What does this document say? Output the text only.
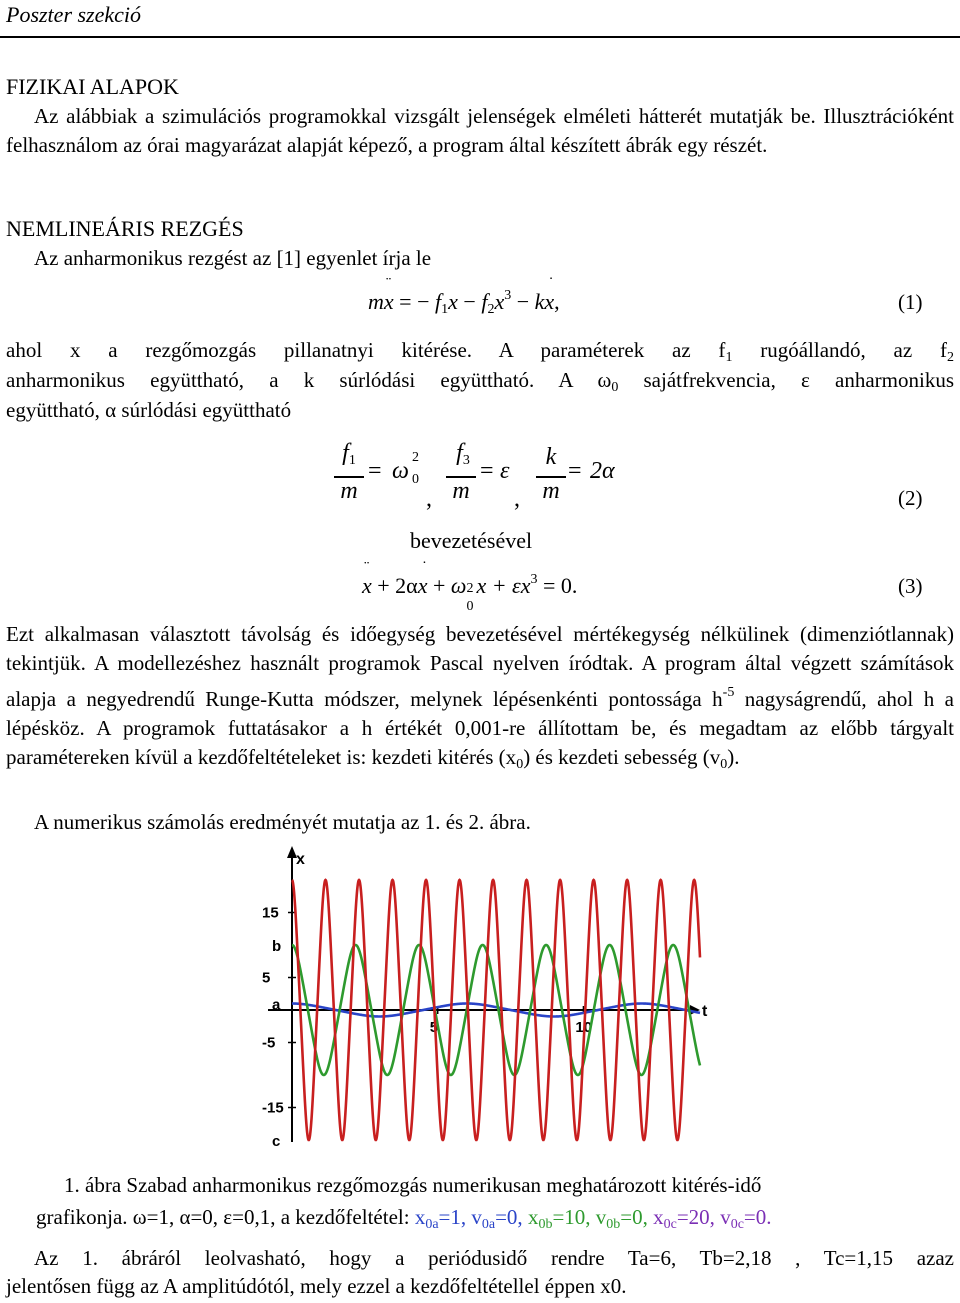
Poszter szekció
FIZIKAI ALAPOK
Az alábbiak a szimulációs programokkal vizsgált jelenségek elméleti hátterét mutatják be. Illusztrációként felhasználom az órai magyarázat alapját képező, a program által készített ábrák egy részét.
NEMLINEÁRIS REZGÉS
Az anharmonikus rezgést az [1] egyenlet írja le
mx
¨
= − $f_1x - f_2x^3$ − kx
˙
,	(1)
ahol x a rezgőmozgás pillanatnyi kitérése. A paraméterek az $f_1$ rugóállandó, az $f_2$
anharmonikus együttható, a k súrlódási együttható. A $\omega_0$ sajátfrekvencia, ε anharmonikus
együttható, α súrlódási együttható
$f_1$
m
= ω
2
0
,
$f_3$
m
= ε
,
k
m
= 2α
(2)
bevezetésével
x
¨
+ 2αx
˙
+ ω 2
0
$x + \varepsilon x^3 = 0$.	(3)
Ezt alkalmasan választott távolság és időegység bevezetésével mértékegység nélkülinek (dimenziótlannak) tekintjük. A modellezéshez használt programok Pascal nyelven íródtak. A program által végzett számítások alapja a negyedrendű Runge-Kutta módszer, melynek lépésenkénti pontossága $h^{-5}$ nagyságrendű, ahol h a lépésköz. A programok futtatásakor a h értékét 0,001-re állítottam be, és megadtam az előbb tárgyalt paramétereken kívül a kezdőfeltételeket is: kezdeti kitérés $(x_0)$ és kezdeti sebesség $(v_0)$.
A numerikus számolás eredményét mutatja az 1. és 2. ábra.
x
t
15
5
-5
-15
5	10
a
b
c
1. ábra Szabad anharmonikus rezgőmozgás numerikusan meghatározott kitérés-idő
grafikonja. ω=1, α=0, ε=0,1, a kezdőfeltétel: $x_{0a}=1$, $v_{0a}=0$, $x_{0b}=10$, $v_{0b}=0$, $x_{0c}=20$, $v_{0c}=0$.
Az 1. ábráról leolvasható, hogy a periódusidő rendre Ta=6, Tb=2,18 , Tc=1,15 azaz
jelentősen függ az A amplitúdótól, mely ezzel a kezdőfeltétellel éppen x0.
